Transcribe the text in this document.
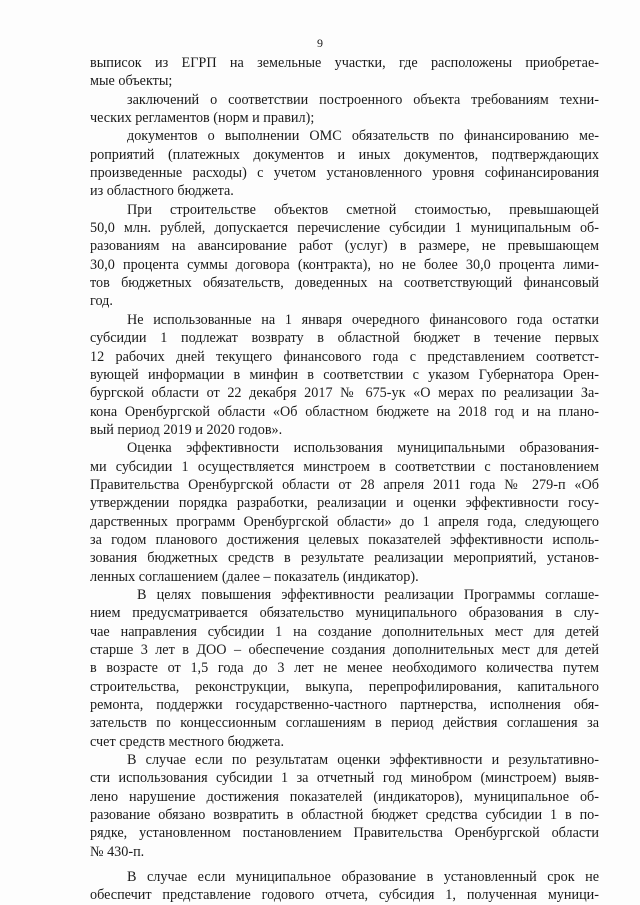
9
выписок из ЕГРП на земельные участки, где расположены приобретае-
мые объекты;
заключений о соответствии построенного объекта требованиям техни-
ческих регламентов (норм и правил);
документов о выполнении ОМС обязательств по финансированию ме-
роприятий (платежных документов и иных документов, подтверждающих
произведенные расходы) с учетом установленного уровня софинансирования
из областного бюджета.
При строительстве объектов сметной стоимостью, превышающей
50,0 млн. рублей, допускается перечисление субсидии 1 муниципальным об-
разованиям на авансирование работ (услуг) в размере, не превышающем
30,0 процента суммы договора (контракта), но не более 30,0 процента лими-
тов бюджетных обязательств, доведенных на соответствующий финансовый
год.
Не использованные на 1 января очередного финансового года остатки
субсидии 1 подлежат возврату в областной бюджет в течение первых
12 рабочих дней текущего финансового года с представлением соответст-
вующей информации в минфин в соответствии с указом Губернатора Орен-
бургской области от 22 декабря 2017 № 675-ук «О мерах по реализации За-
кона Оренбургской области «Об областном бюджете на 2018 год и на планo-
вый период 2019 и 2020 годов».
Оценка эффективности использования муниципальными образования-
ми субсидии 1 осуществляется минстроем в соответствии с постановлением
Правительства Оренбургской области от 28 апреля 2011 года № 279-п «Об
утверждении порядка разработки, реализации и оценки эффективности госу-
дарственных программ Оренбургской области» до 1 апреля года, следующего
за годом планового достижения целевых показателей эффективности исполь-
зования бюджетных средств в результате реализации мероприятий, установ-
ленных соглашением (далее – показатель (индикатор).
В целях повышения эффективности реализации Программы соглаше-
нием предусматривается обязательство муниципального образования в слу-
чае направления субсидии 1 на создание дополнительных мест для детей
старше 3 лет в ДОО – обеспечение создания дополнительных мест для детей
в возрасте от 1,5 года до 3 лет не менее необходимого количества путем
строительства, реконструкции, выкупа, перепрофилирования, капитального
ремонта, поддержки государственно-частного партнерства, исполнения обя-
зательств по концессионным соглашениям в период действия соглашения за
счет средств местного бюджета.
В случае если по результатам оценки эффективности и результативно-
сти использования субсидии 1 за отчетный год минобром (минстроем) выяв-
лено нарушение достижения показателей (индикаторов), муниципальное об-
разование обязано возвратить в областной бюджет средства субсидии 1 в по-
рядке, установленном постановлением Правительства Оренбургской области
№ 430-п.
В случае если муниципальное образование в установленный срок не
обеспечит представление годового отчета, субсидия 1, полученная муници-
